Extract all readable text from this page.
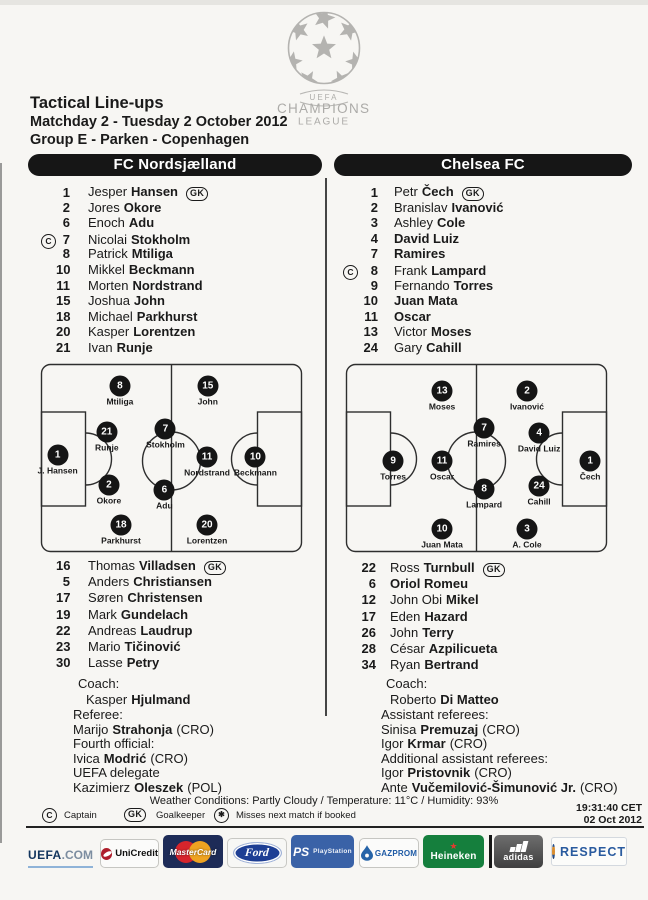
UEFA
CHAMPIONS
LEAGUE
Tactical Line-ups
Matchday 2 - Tuesday 2 October 2012
Group E - Parken - Copenhagen
FC Nordsjælland	Chelsea FC
1	Jesper Hansen GK
2	Jores Okore
6	Enoch Adu
C 7	Nicolai Stokholm
8	Patrick Mtiliga
10	Mikkel Beckmann
11	Morten Nordstrand
15	Joshua John
18	Michael Parkhurst
20	Kasper Lorentzen
21	Ivan Runje
1	Petr Čech GK
2	Branislav Ivanović
3	Ashley Cole
4	David Luiz
7	Ramires
C	8	Frank Lampard
9	Fernando Torres
10	Juan Mata
11	Oscar
13	Victor Moses
24	Gary Cahill
1
J. Hansen
8
Mtiliga
15
John
21
Runje
7
Stokholm
11
Nordstrand
10
Beckmann
2
Okore
6
Adu
18
Parkhurst
20
Lorentzen
13
Moses
2
Ivanović
7
Ramires
4
David Luiz
9
Torres
11
Oscar
1
Čech
8
Lampard
24
Cahill
10
Juan Mata
3
A. Cole
16	Thomas Villadsen GK
5	Anders Christiansen
17	Søren Christensen
19	Mark Gundelach
22	Andreas Laudrup
23	Mario Tičinović
30	Lasse Petry
22	Ross Turnbull GK
6	Oriol Romeu
12	John Obi Mikel
17	Eden Hazard
26	John Terry
28	César Azpilicueta
34	Ryan Bertrand
Coach:
Kasper Hjulmand
Coach:
Roberto Di Matteo
Referee:
Marijo Strahonja (CRO)
Fourth official:
Ivica Modrić (CRO)
UEFA delegate
Kazimierz Oleszek (POL)
Assistant referees:
Sinisa Premuzaj (CRO)
Igor Krmar (CRO)
Additional assistant referees:
Igor Pristovnik (CRO)
Ante Vučemilović-Šimunović Jr. (CRO)
Weather Conditions: Partly Cloudy / Temperature: 11°C / Humidity: 93%
C	Captain	GK	Goalkeeper	✱	Misses next match if booked
19:31:40 CET
02 Oct 2012
UEFA.COM UniCredit MasterCard Ford PS PlayStation	GAZPROM
★
Heineken	adidas RESPECT
